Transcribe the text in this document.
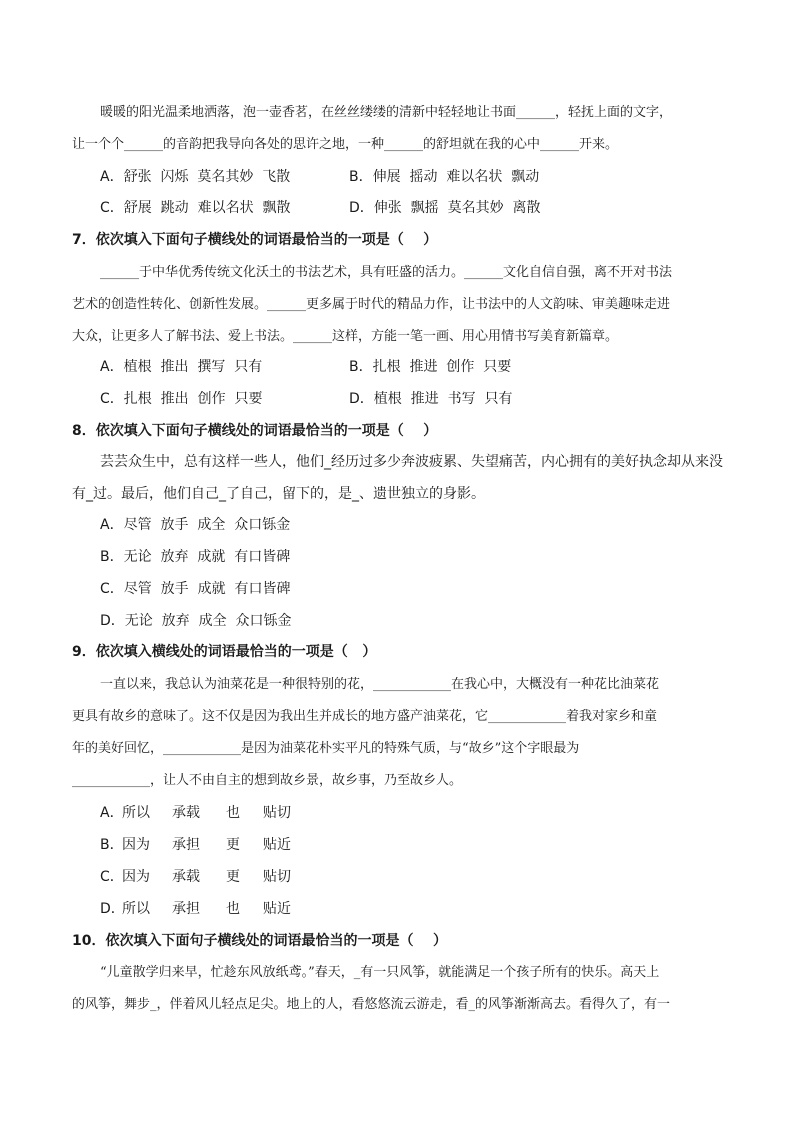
暖暖的阳光温柔地洒落，泡一壶香茗，在丝丝缕缕的清新中轻轻地让书面______，轻抚上面的文字，
让一个个______的音韵把我导向各处的思许之地，一种______的舒坦就在我的心中______开来。
A．舒张  闪烁  莫名其妙  飞散	B．伸展  摇动  难以名状  飘动
C．舒展  跳动  难以名状  飘散	D．伸张  飘摇  莫名其妙  离散
7．依次填入下面句子横线处的词语最恰当的一项是（    ）
______于中华优秀传统文化沃土的书法艺术，具有旺盛的活力。______文化自信自强，离不开对书法
艺术的创造性转化、创新性发展。______更多属于时代的精品力作，让书法中的人文韵味、审美趣味走进
大众，让更多人了解书法、爱上书法。______这样，方能一笔一画、用心用情书写美育新篇章。
A．植根  推出  撰写  只有	B．扎根  推进  创作  只要
C．扎根  推出  创作  只要	D．植根  推进  书写  只有
8．依次填入下面句子横线处的词语最恰当的一项是（    ）
芸芸众生中，总有这样一些人，他们_经历过多少奔波疲累、失望痛苦，内心拥有的美好执念却从来没
有_过。最后，他们自己_了自己，留下的，是_、遗世独立的身影。
A．尽管  放手  成全  众口铄金
B．无论  放弃  成就  有口皆碑
C．尽管  放手  成就  有口皆碑
D．无论  放弃  成全  众口铄金
9．依次填入横线处的词语最恰当的一项是（   ）
一直以来，我总认为油菜花是一种很特别的花，____________在我心中，大概没有一种花比油菜花
更具有故乡的意味了。这不仅是因为我出生并成长的地方盛产油菜花，它____________着我对家乡和童
年的美好回忆，____________是因为油菜花朴实平凡的特殊气质，与“故乡”这个字眼最为
____________，让人不由自主的想到故乡景，故乡事，乃至故乡人。
A．
所以 承载 也 贴切
B．
因为 承担 更 贴近
C．
因为 承载 更 贴切
D．
所以 承担 也 贴近
10．依次填入下面句子横线处的词语最恰当的一项是（    ）
“儿童散学归来早，忙趁东风放纸鸢。”春天，_有一只风筝，就能满足一个孩子所有的快乐。高天上
的风筝，舞步_，伴着风儿轻点足尖。地上的人，看悠悠流云游走，看_的风筝渐渐高去。看得久了，有一
